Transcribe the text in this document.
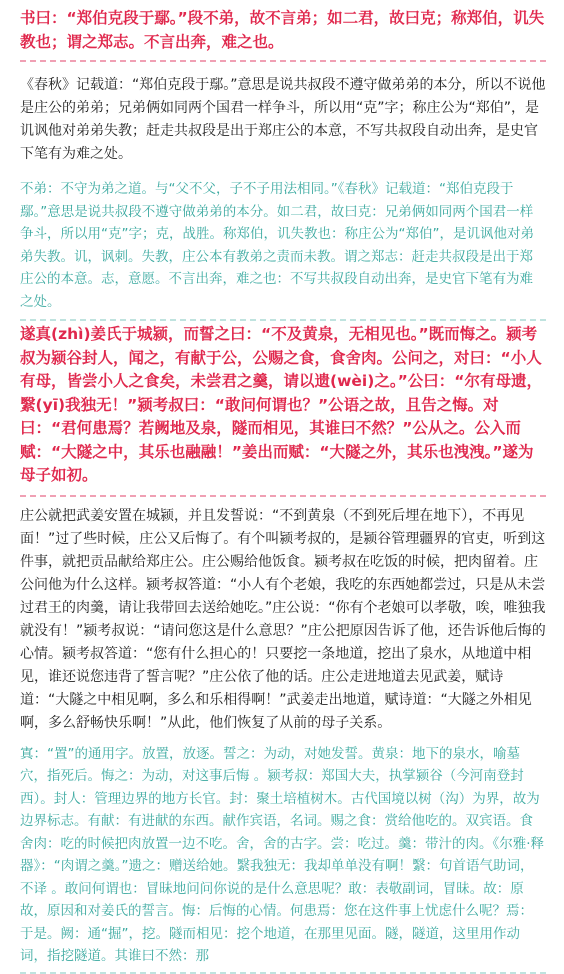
书曰：“郑伯克段于鄢。”段不弟，故不言弟；如二君，故曰克；称郑伯，讥失教也；谓之郑志。不言出奔，难之也。

《春秋》记载道：“郑伯克段于鄢。”意思是说共叔段不遵守做弟弟的本分，所以不说他是庄公的弟弟；兄弟俩如同两个国君一样争斗，所以用“克”字；称庄公为“郑伯”，是讥讽他对弟弟失教；赶走共叔段是出于郑庄公的本意，不写共叔段自动出奔，是史官下笔有为难之处。

不弟：不守为弟之道。与“父不父，子不子用法相同。”《春秋》记载道：“郑伯克段于鄢。”意思是说共叔段不遵守做弟弟的本分。如二君，故曰克：兄弟俩如同两个国君一样争斗，所以用“克”字；克，战胜。称郑伯，讥失教也：称庄公为“郑伯”，是讥讽他对弟弟失教。讥，讽刺。失教，庄公本有教弟之责而未教。谓之郑志：赶走共叔段是出于郑庄公的本意。志，意愿。不言出奔，难之也：不写共叔段自动出奔，是史官下笔有为难之处。

遂真(zhì)姜氏于城颍，而誓之曰：“不及黄泉，无相见也。”既而悔之。颍考叔为颍谷封人，闻之，有献于公，公赐之食，食舍肉。公问之，对曰：“小人有母，皆尝小人之食矣，未尝君之羹，请以遗(wèi)之。”公曰：“尔有母遗，繄(yī)我独无！”颍考叔曰：“敢问何谓也？”公语之故，且告之悔。对曰：“君何患焉？若阙地及泉，隧而相见，其谁曰不然？”公从之。公入而赋：“大隧之中，其乐也融融！”姜出而赋：“大隧之外，其乐也洩洩。”遂为母子如初。

庄公就把武姜安置在城颍，并且发誓说：“不到黄泉（不到死后埋在地下），不再见面！”过了些时候，庄公又后悔了。有个叫颍考叔的，是颍谷管理疆界的官吏，听到这件事，就把贡品献给郑庄公。庄公赐给他饭食。颍考叔在吃饭的时候，把肉留着。庄公问他为什么这样。颍考叔答道：“小人有个老娘，我吃的东西她都尝过，只是从未尝过君王的肉羹，请让我带回去送给她吃。”庄公说：“你有个老娘可以孝敬，唉，唯独我就没有！”颍考叔说：“请问您这是什么意思？”庄公把原因告诉了他，还告诉他后悔的心情。颍考叔答道：“您有什么担心的！只要挖一条地道，挖出了泉水，从地道中相见，谁还说您违背了誓言呢？”庄公依了他的话。庄公走进地道去见武姜，赋诗道：“大隧之中相见啊，多么和乐相得啊！”武姜走出地道，赋诗道：“大隧之外相见啊，多么舒畅快乐啊！”从此，他们恢复了从前的母子关系。

寘：“置”的通用字。放置，放逐。誓之：为动，对她发誓。黄泉：地下的泉水，喻墓穴，指死后。悔之：为动，对这事后悔 。颍考叔：郑国大夫，执掌颍谷（今河南登封西）。封人：管理边界的地方长官。封：聚土培植树木。古代国境以树（沟）为界，故为边界标志。有献：有进献的东西。献作宾语，名词。赐之食：赏给他吃的。双宾语。食舍肉：吃的时候把肉放置一边不吃。舍，舍的古字。尝：吃过。羹：带汁的肉。《尔雅·释器》：“肉谓之羹。”遗之：赠送给她。繄我独无：我却单单没有啊！繄：句首语气助词，不译 。敢问何谓也：冒昧地问问你说的是什么意思呢？敢：表敬副词，冒昧。故：原故，原因和对姜氏的誓言。悔：后悔的心情。何患焉：您在这件事上忧虑什么呢？焉：于是。阙：通“掘”，挖。隧而相见：挖个地道，在那里见面。隧，隧道，这里用作动词，指挖隧道。其谁曰不然：那
